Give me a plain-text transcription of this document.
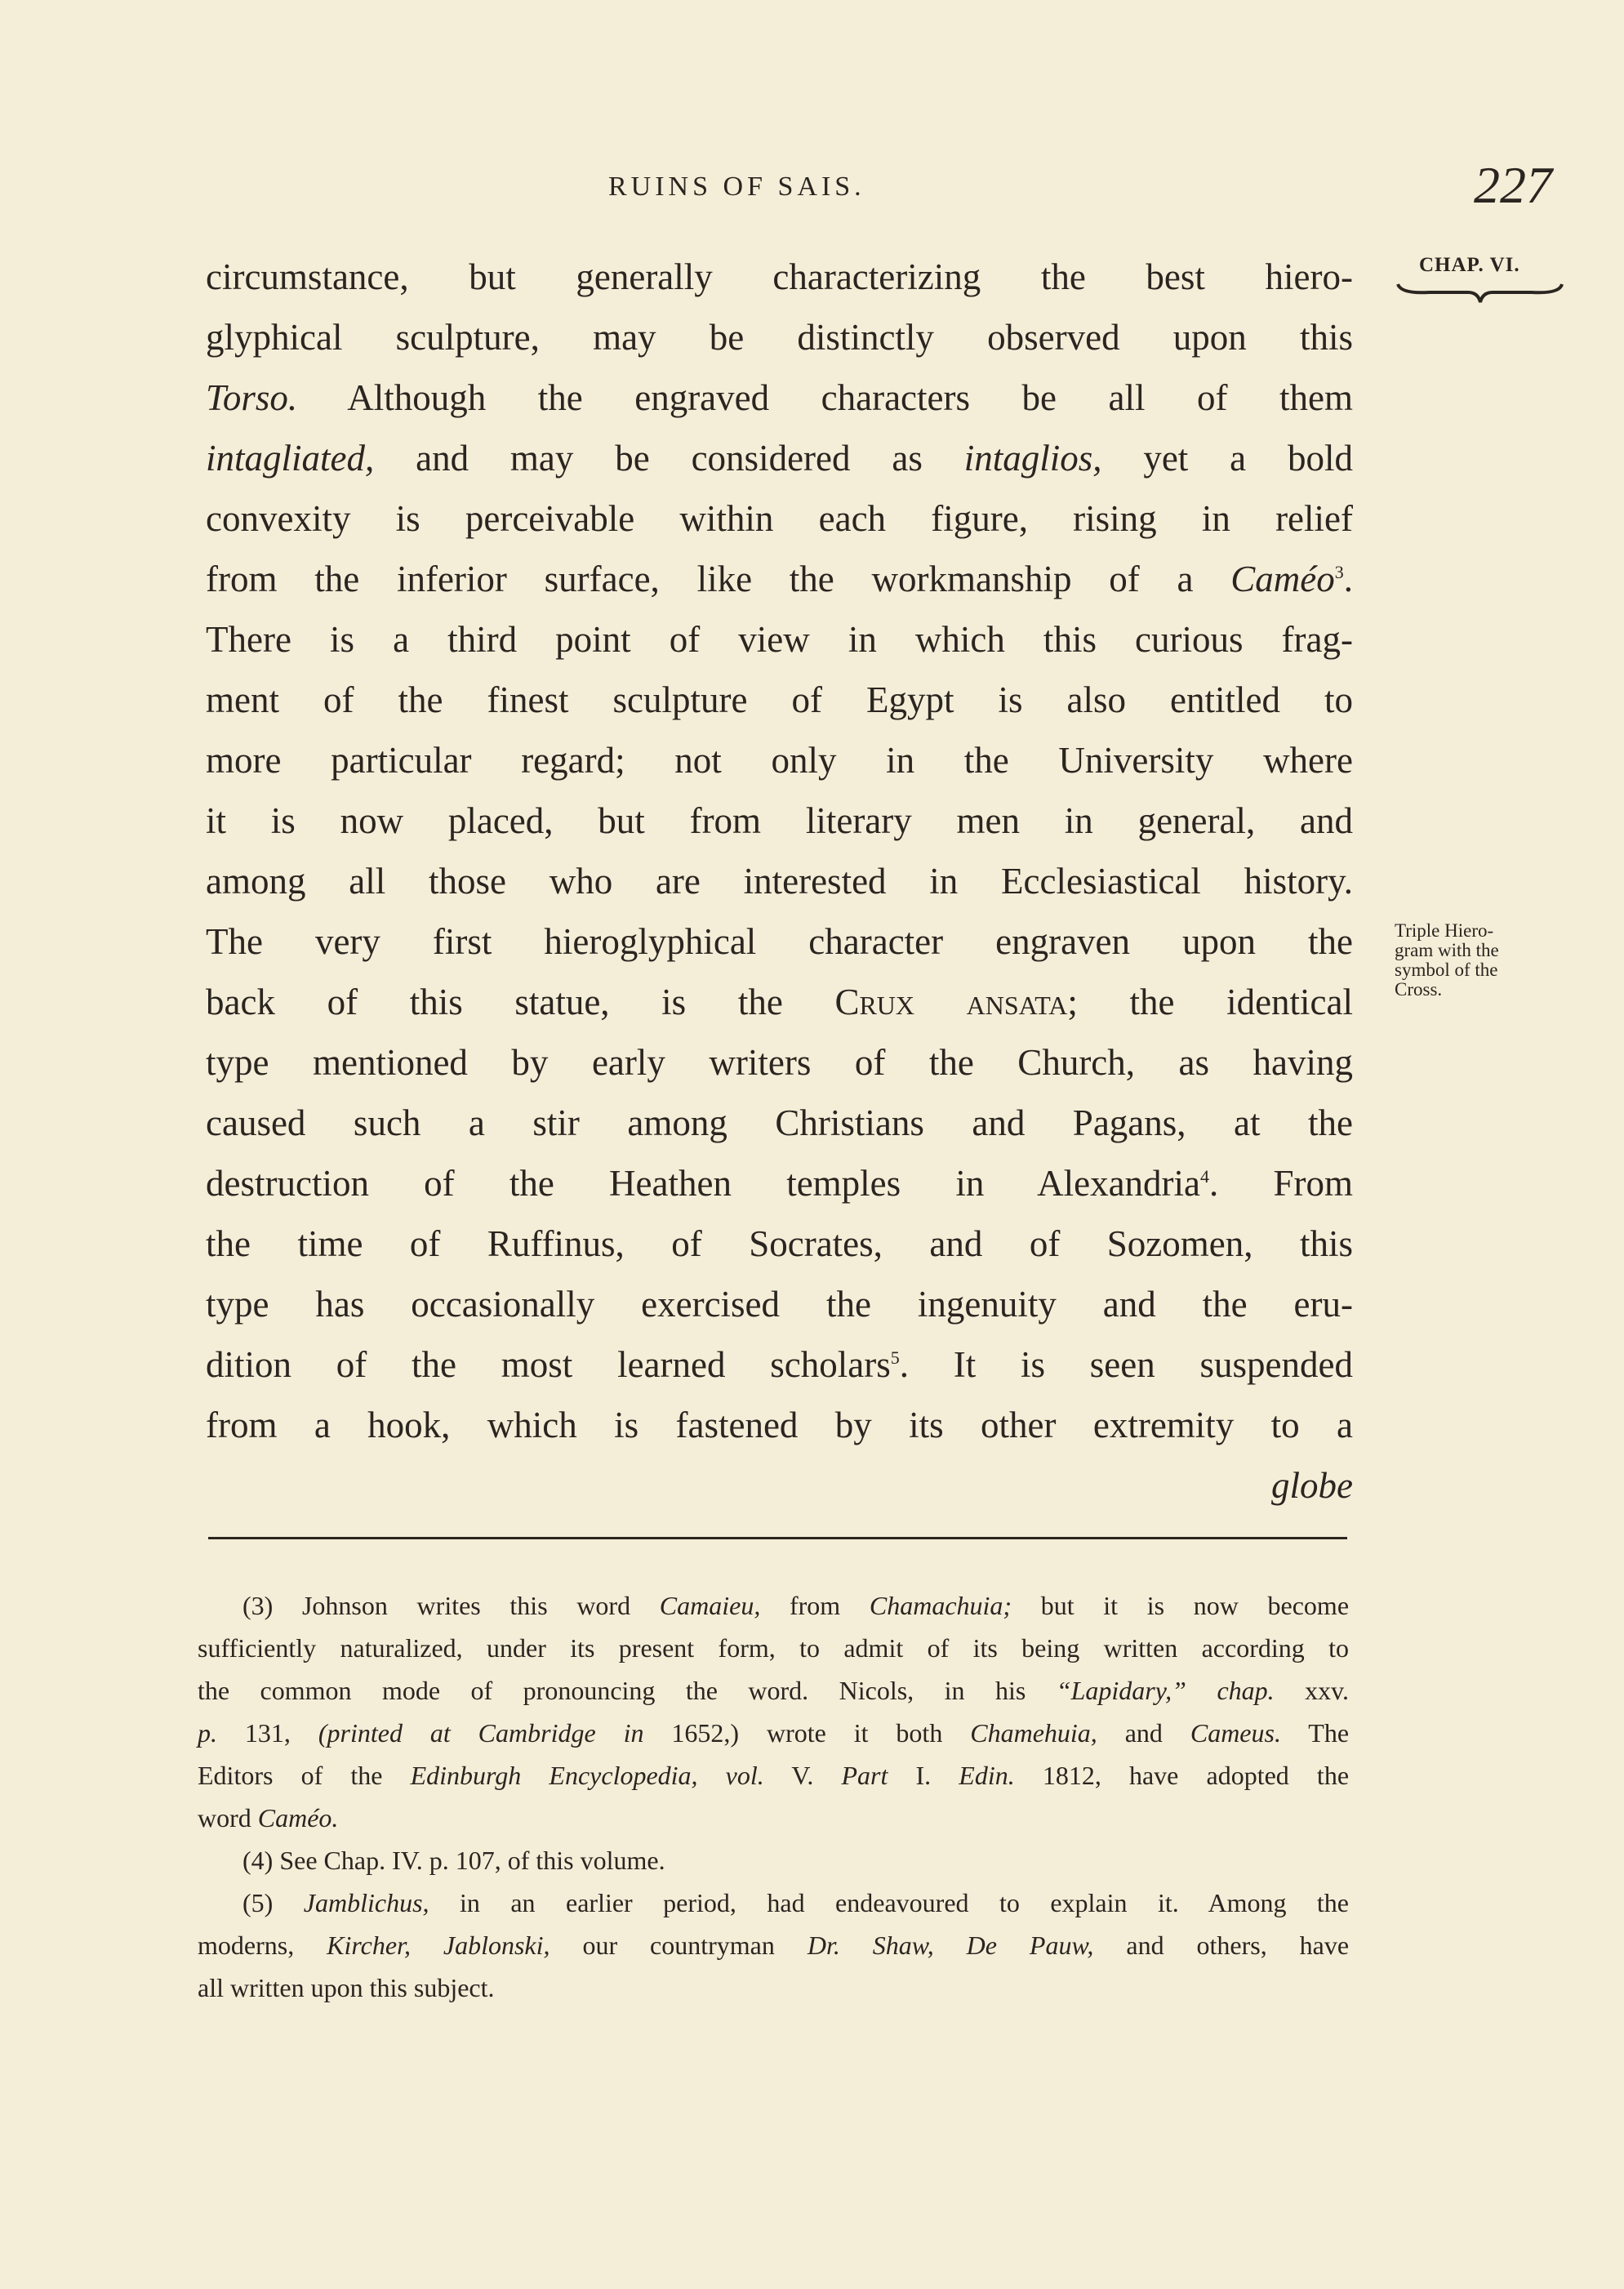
RUINS OF SAIS.	227
CHAP. VI.
circumstance, but generally characterizing the best hiero-
glyphical sculpture, may be distinctly observed upon this
Torso. Although the engraved characters be all of them
intagliated, and may be considered as intaglios, yet a bold
convexity is perceivable within each figure, rising in relief
from the inferior surface, like the workmanship of a Caméo$^3$.
There is a third point of view in which this curious frag-
ment of the finest sculpture of Egypt is also entitled to
more particular regard; not only in the University where
it is now placed, but from literary men in general, and
among all those who are interested in Ecclesiastical history.
The very first hieroglyphical character engraven upon the
back of this statue, is the Crux ansata; the identical
type mentioned by early writers of the Church, as having
caused such a stir among Christians and Pagans, at the
destruction of the Heathen temples in Alexandria$^4$. From
the time of Ruffinus, of Socrates, and of Sozomen, this
type has occasionally exercised the ingenuity and the eru-
dition of the most learned scholars$^5$. It is seen suspended
from a hook, which is fastened by its other extremity to a
globe
Triple Hiero-
gram with the
symbol of the
Cross.
(3) Johnson writes this word Camaieu, from Chamachuia; but it is now become
sufficiently naturalized, under its present form, to admit of its being written according to
the common mode of pronouncing the word. Nicols, in his “Lapidary,” chap. xxv.
p. 131, (printed at Cambridge in 1652,) wrote it both Chamehuia, and Cameus. The
Editors of the Edinburgh Encyclopedia, vol. V. Part I. Edin. 1812, have adopted the
word Caméo.
(4) See Chap. IV. p. 107, of this volume.
(5) Jamblichus, in an earlier period, had endeavoured to explain it. Among the
moderns, Kircher, Jablonski, our countryman Dr. Shaw, De Pauw, and others, have
all written upon this subject.
